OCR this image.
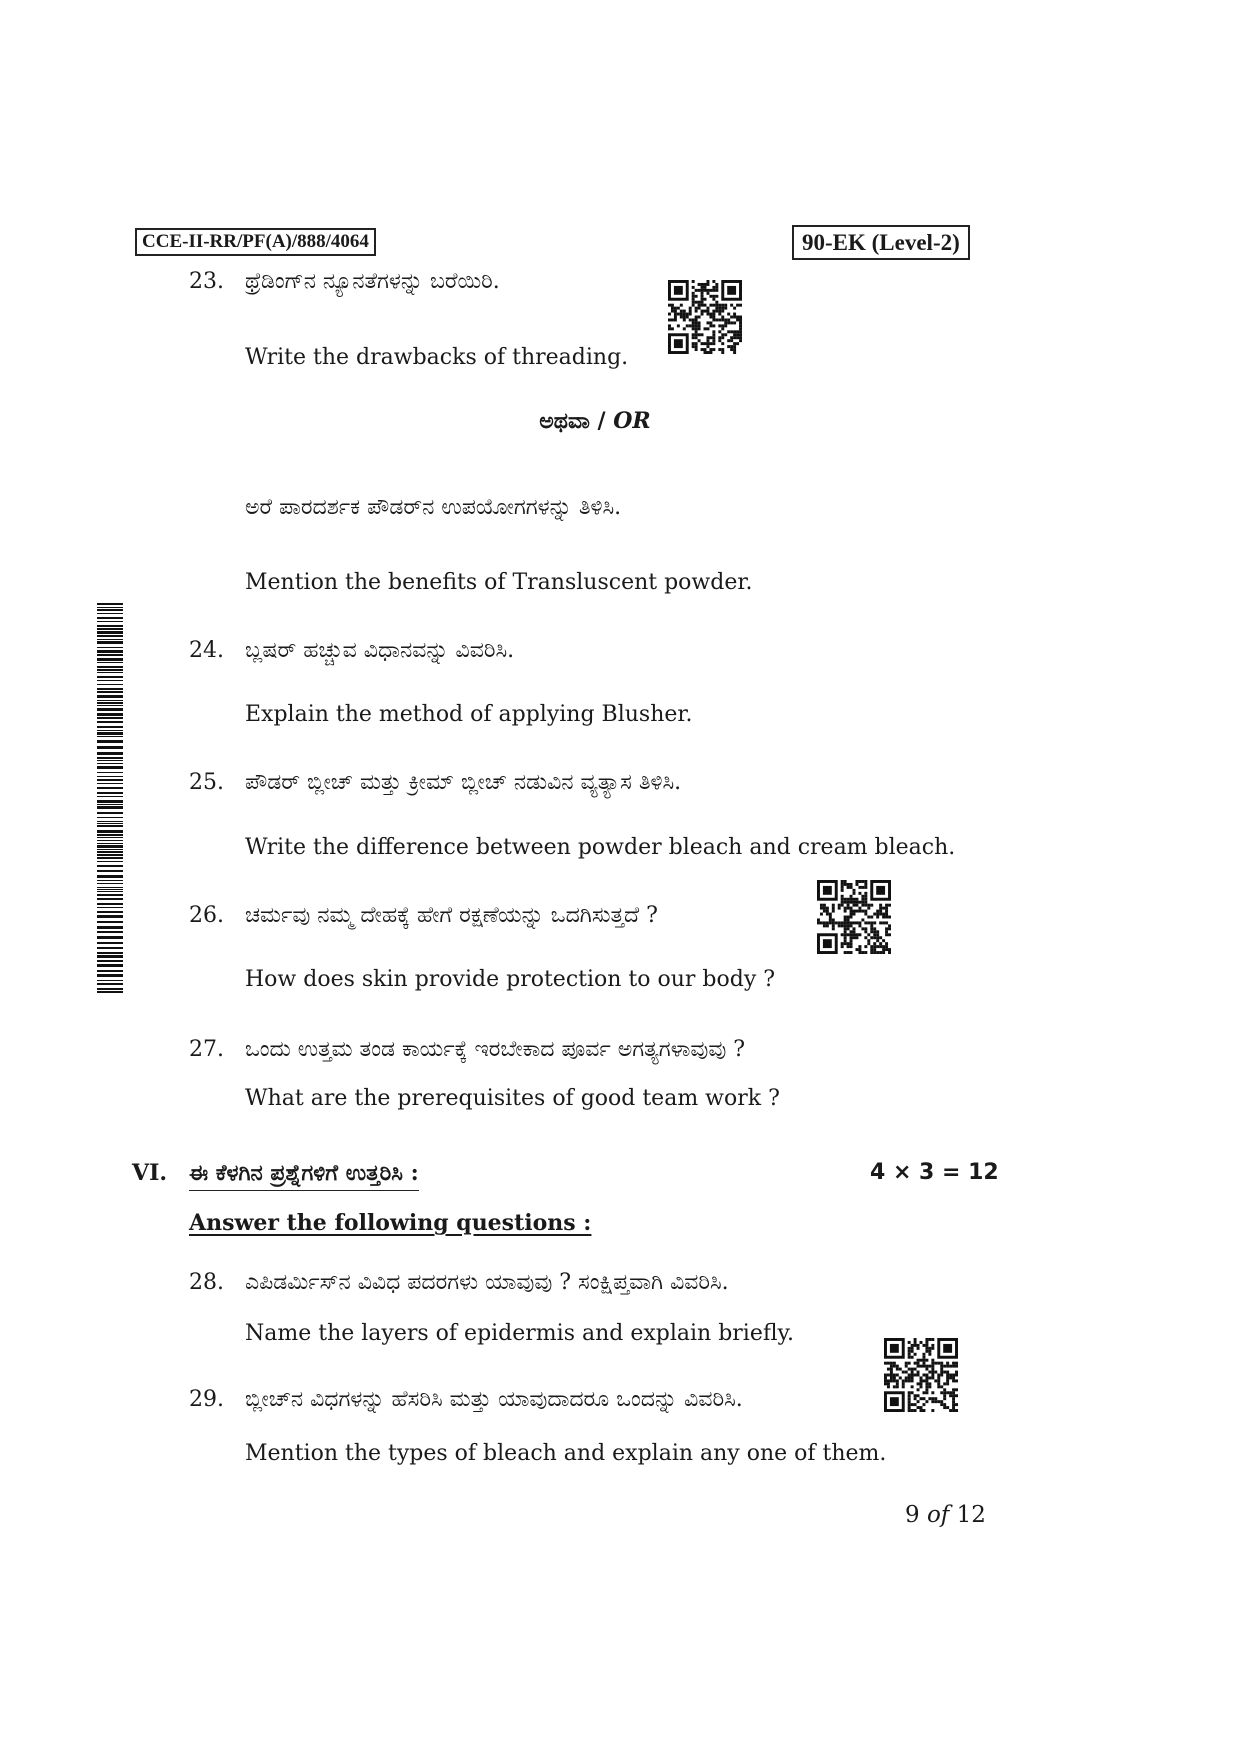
CCE-II-RR/PF(A)/888/4064	90-EK (Level-2)
23. ಥ್ರೆಡಿಂಗ್‌ನ ನ್ಯೂನತೆಗಳನ್ನು ಬರೆಯಿರಿ.
Write the drawbacks of threading.
ಅಥವಾ / OR
ಅರೆ ಪಾರದರ್ಶಕ ಪೌಡರ್‌ನ ಉಪಯೋಗಗಳನ್ನು ತಿಳಿಸಿ.
Mention the benefits of Transluscent powder.
24. ಬ್ಲಷರ್ ಹಚ್ಚುವ ವಿಧಾನವನ್ನು ವಿವರಿಸಿ.
Explain the method of applying Blusher.
25. ಪೌಡರ್ ಬ್ಲೀಚ್ ಮತ್ತು ಕ್ರೀಮ್ ಬ್ಲೀಚ್ ನಡುವಿನ ವ್ಯತ್ಯಾಸ ತಿಳಿಸಿ.
Write the difference between powder bleach and cream bleach.
26. ಚರ್ಮವು ನಮ್ಮ ದೇಹಕ್ಕೆ ಹೇಗೆ ರಕ್ಷಣೆಯನ್ನು ಒದಗಿಸುತ್ತದೆ ?
How does skin provide protection to our body ?
27. ಒಂದು ಉತ್ತಮ ತಂಡ ಕಾರ್ಯಕ್ಕೆ ಇರಬೇಕಾದ ಪೂರ್ವ ಅಗತ್ಯಗಳಾವುವು ?
What are the prerequisites of good team work ?
VI. ಈ ಕೆಳಗಿನ ಪ್ರಶ್ನೆಗಳಿಗೆ ಉತ್ತರಿಸಿ :	4 × 3 = 12
Answer the following questions :
28. ಎಪಿಡರ್ಮಿಸ್‌ನ ವಿವಿಧ ಪದರಗಳು ಯಾವುವು ? ಸಂಕ್ಷಿಪ್ತವಾಗಿ ವಿವರಿಸಿ.
Name the layers of epidermis and explain briefly.
29. ಬ್ಲೀಚ್‌ನ ವಿಧಗಳನ್ನು ಹೆಸರಿಸಿ ಮತ್ತು ಯಾವುದಾದರೂ ಒಂದನ್ನು ವಿವರಿಸಿ.
Mention the types of bleach and explain any one of them.
9 of 12
